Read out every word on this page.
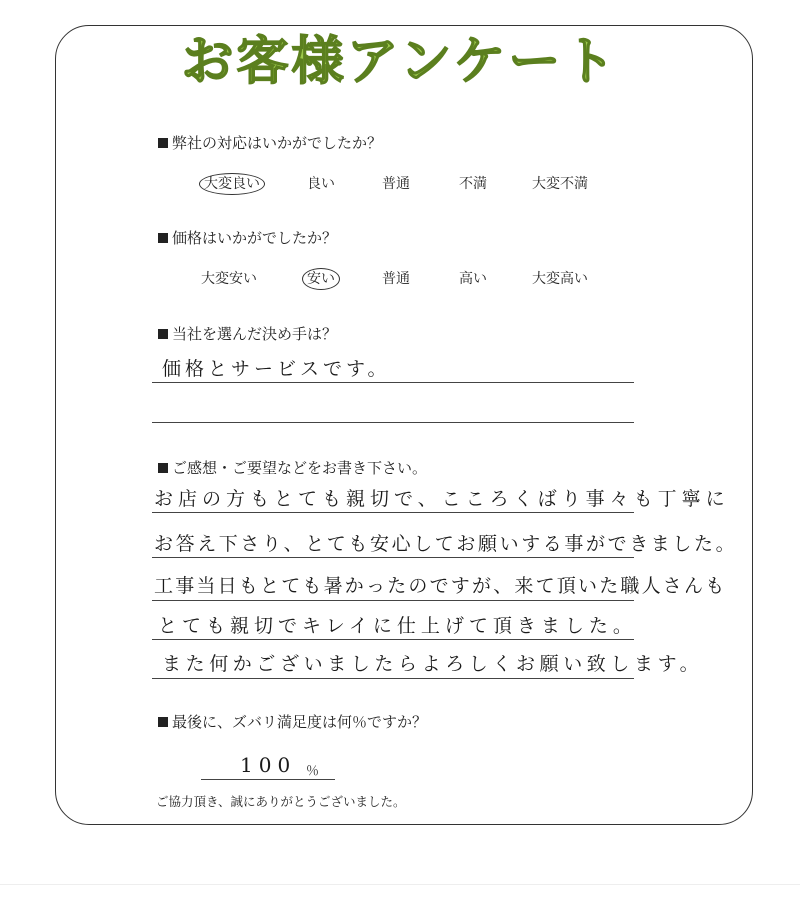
お客様アンケート
弊社の対応はいかがでしたか？
大変良い	良い	普通	不満	大変不満
価格はいかがでしたか？
大変安い	安い	普通	高い	大変高い
当社を選んだ決め手は？
価格とサービスです。
ご感想・ご要望などをお書き下さい。
お店の方もとても親切で、こころくばり事々も丁寧に
お答え下さり、とても安心してお願いする事ができました。
工事当日もとても暑かったのですが、来て頂いた職人さんも
とても親切でキレイに仕上げて頂きました。
また何かございましたらよろしくお願い致します。
最後に、ズバリ満足度は何％ですか？
100 ％
ご協力頂き、誠にありがとうございました。
